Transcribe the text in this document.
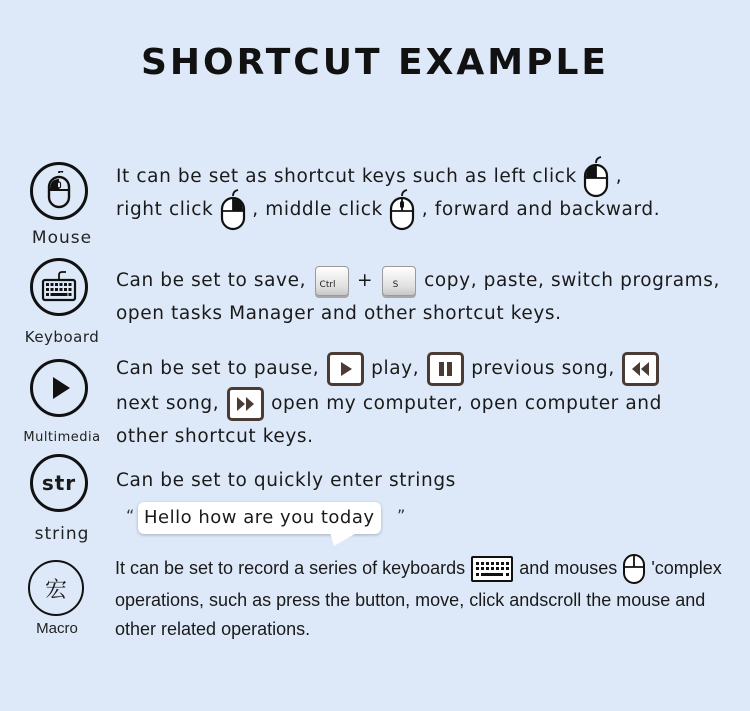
SHORTCUT EXAMPLE
Mouse
It can be set as shortcut keys such as left click ,
right click , middle click , forward and backward.
Keyboard
Can be set to save, Ctrl + S copy, paste, switch programs,
open tasks Manager and other shortcut keys.
Multimedia
Can be set to pause,	play,	previous song,
next song,	open my computer, open computer and
other shortcut keys.
str
string
Can be set to quickly enter strings
“ Hello how are you today	”
宏
Macro
It can be set to record a series of keyboards	and mouses 'complex
operations, such as press the button, move, click andscroll the mouse and
other related operations.
